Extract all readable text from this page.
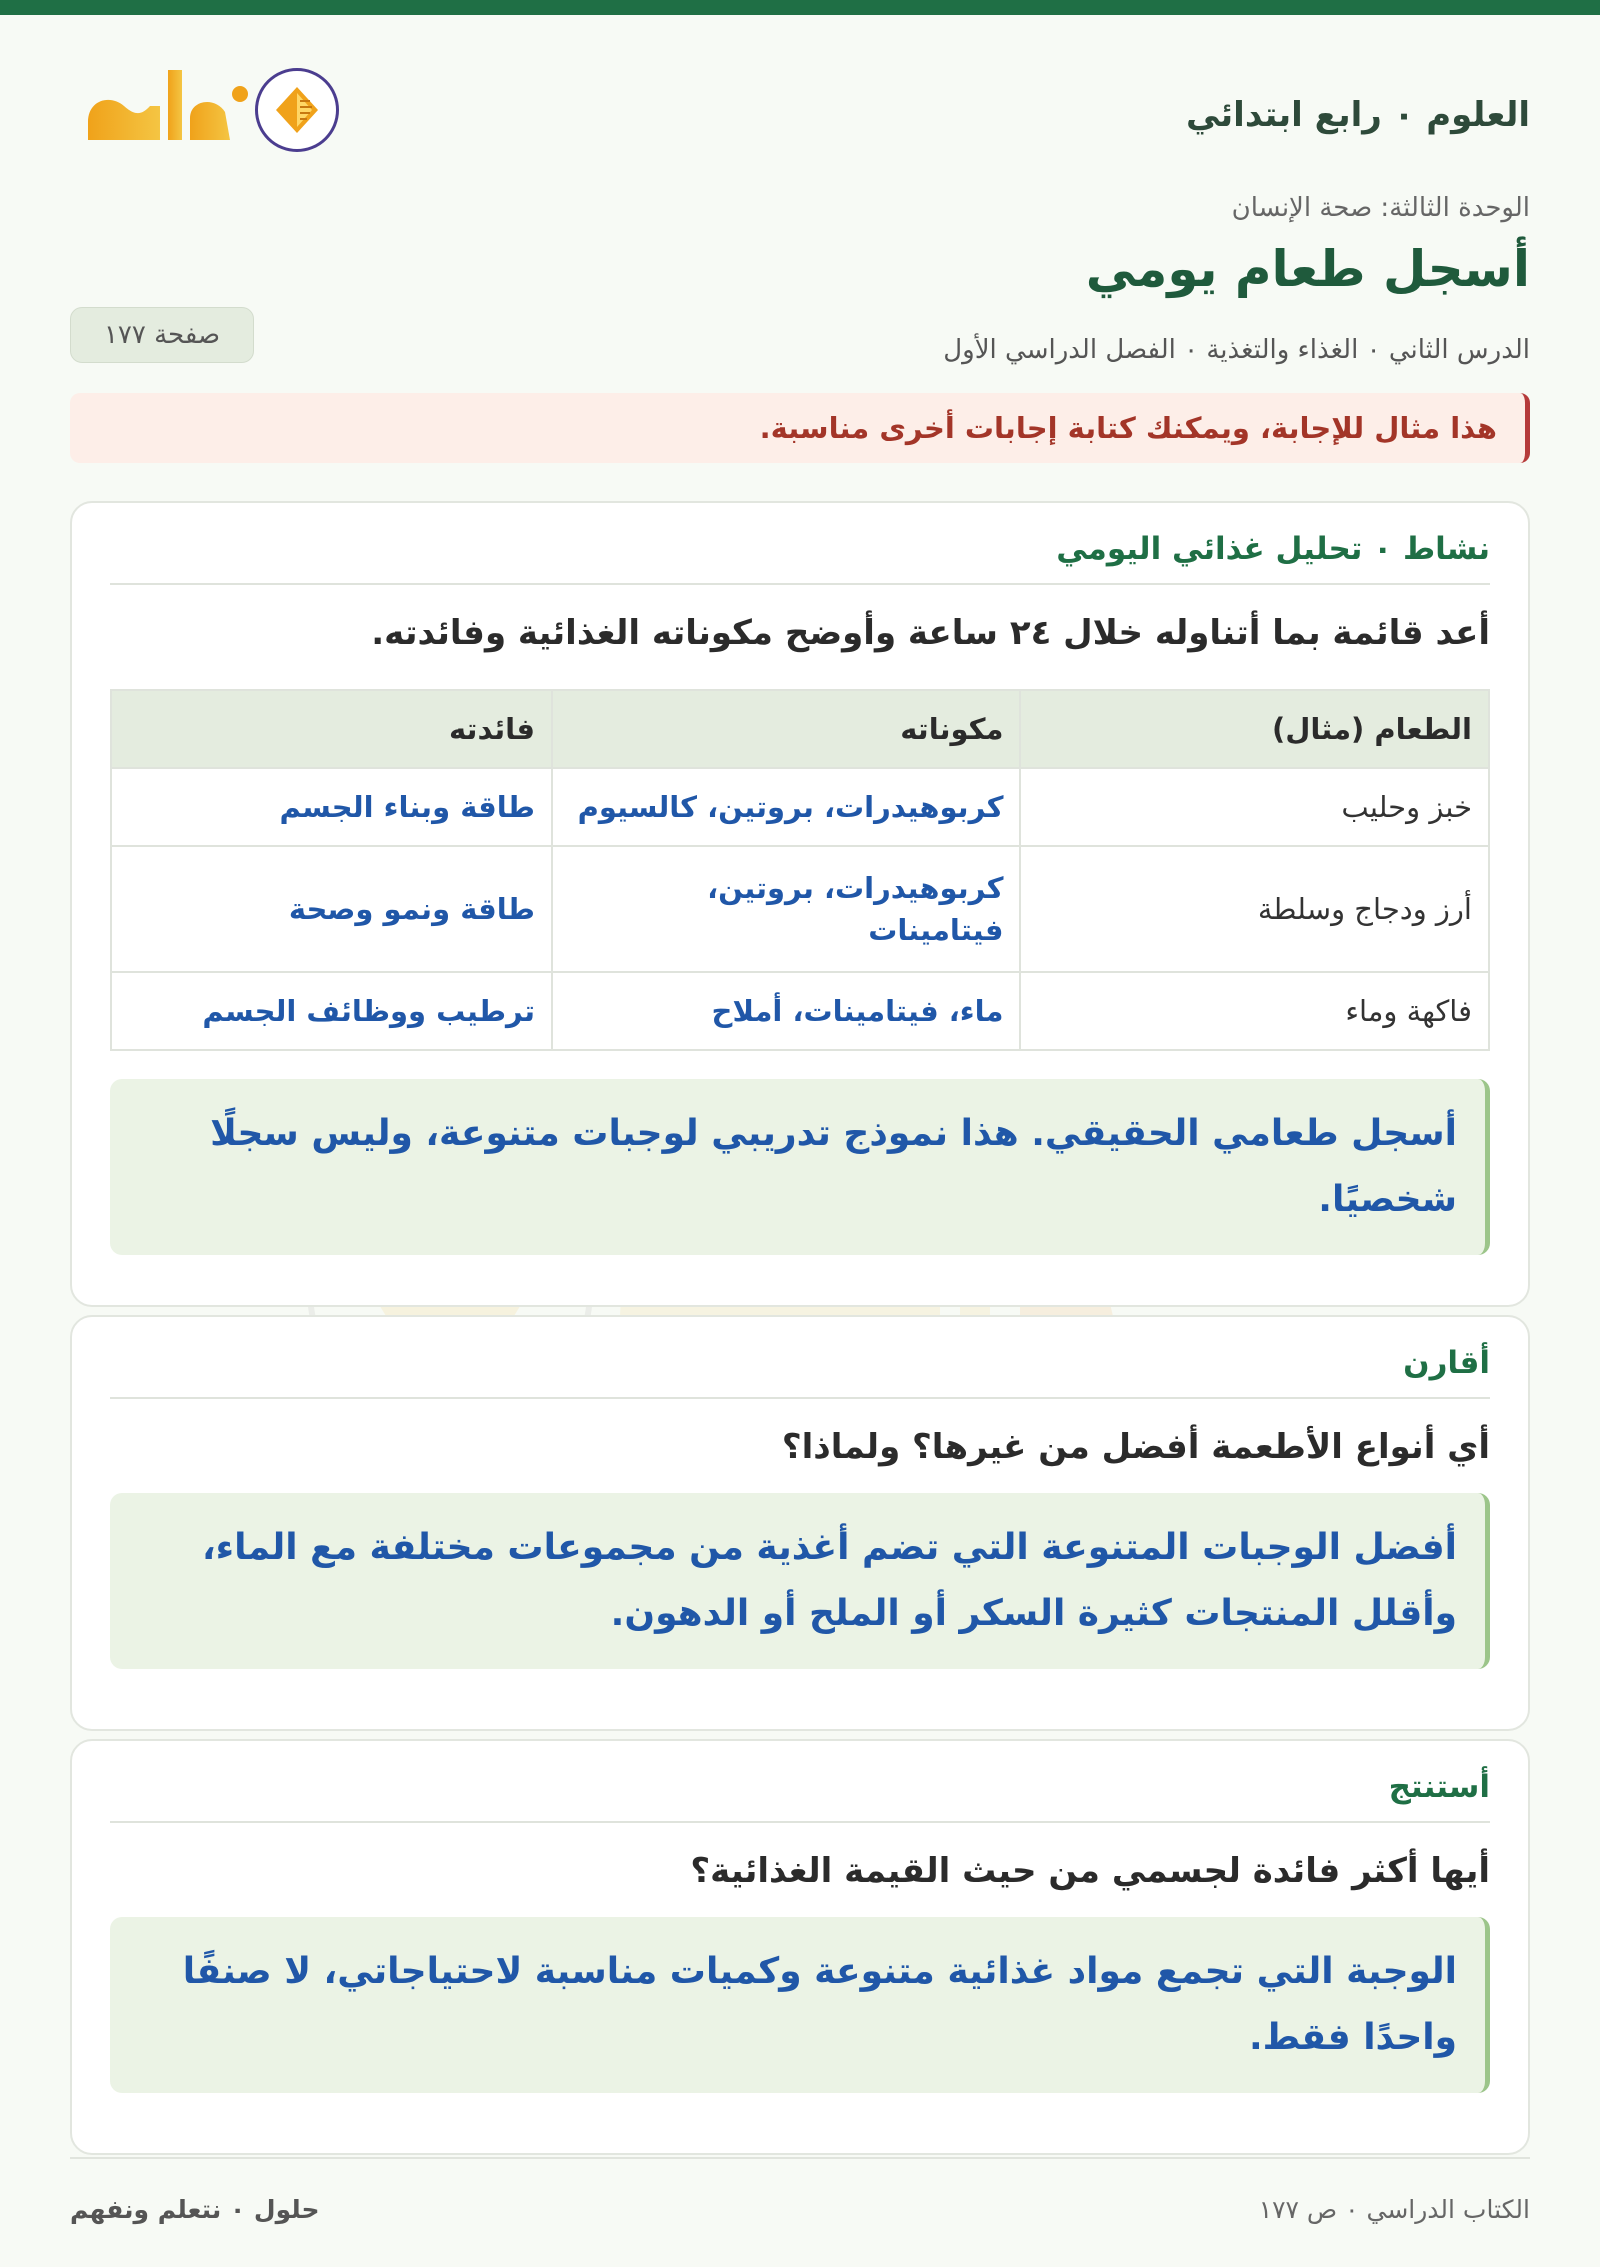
العلوم ٠ رابع ابتدائي
الوحدة الثالثة: صحة الإنسان
أسجل طعام يومي
الدرس الثاني ٠ الغذاء والتغذية ٠ الفصل الدراسي الأول
صفحة ١٧٧
هذا مثال للإجابة، ويمكنك كتابة إجابات أخرى مناسبة.
نشاط ٠ تحليل غذائي اليومي
أعد قائمة بما أتناوله خلال ٢٤ ساعة وأوضح مكوناته الغذائية وفائدته.
الطعام (مثال)	مكوناته	فائدته
خبز وحليب	كربوهيدرات، بروتين، كالسيوم	طاقة وبناء الجسم
أرز ودجاج وسلطة	كربوهيدرات، بروتين، فيتامينات	طاقة ونمو وصحة
فاكهة وماء	ماء، فيتامينات، أملاح	ترطيب ووظائف الجسم
أسجل طعامي الحقيقي. هذا نموذج تدريبي لوجبات متنوعة، وليس سجلًا شخصيًا.
أقارن
أي أنواع الأطعمة أفضل من غيرها؟ ولماذا؟
أفضل الوجبات المتنوعة التي تضم أغذية من مجموعات مختلفة مع الماء، وأقلل المنتجات كثيرة السكر أو الملح أو الدهون.
أستنتج
أيها أكثر فائدة لجسمي من حيث القيمة الغذائية؟
الوجبة التي تجمع مواد غذائية متنوعة وكميات مناسبة لاحتياجاتي، لا صنفًا واحدًا فقط.
الكتاب الدراسي ٠ ص ١٧٧
حلول ٠ نتعلم ونفهم
